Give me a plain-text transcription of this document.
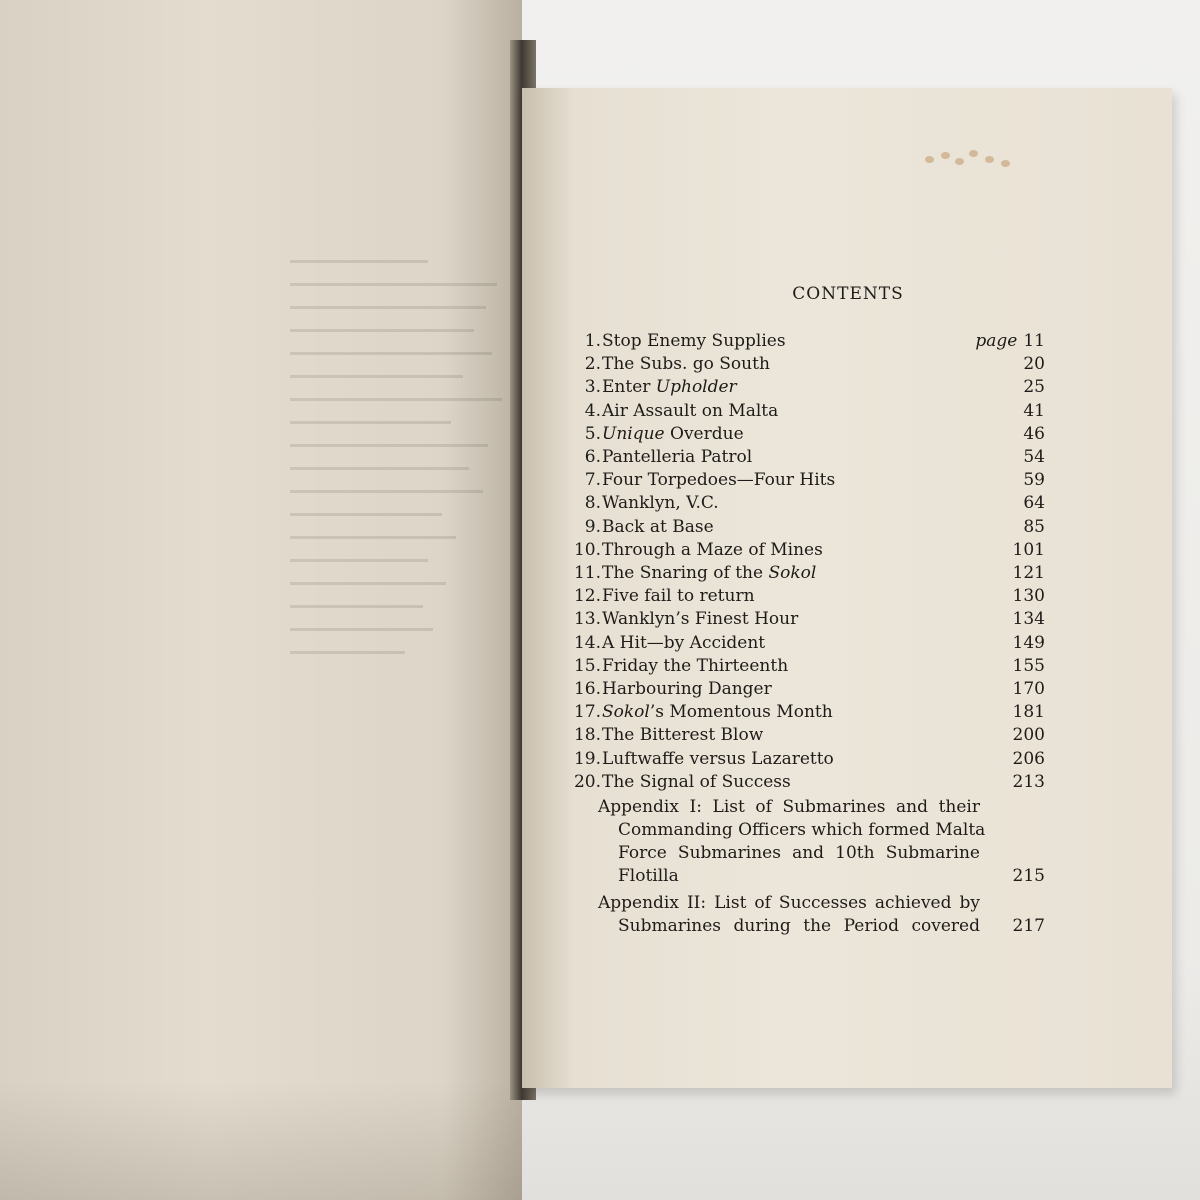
CONTENTS
1. Stop Enemy Supplies	page 11
2. The Subs. go South	20
3. Enter Upholder	25
4. Air Assault on Malta	41
5. Unique Overdue	46
6. Pantelleria Patrol	54
7. Four Torpedoes—Four Hits	59
8. Wanklyn, V.C.	64
9. Back at Base	85
10. Through a Maze of Mines	101
11. The Snaring of the Sokol	121
12. Five fail to return	130
13. Wanklyn’s Finest Hour	134
14. A Hit—by Accident	149
15. Friday the Thirteenth	155
16. Harbouring Danger	170
17. Sokol’s Momentous Month	181
18. The Bitterest Blow	200
19. Luftwaffe versus Lazaretto	206
20. The Signal of Success	213
Appendix I: List of Submarines and their
Commanding Officers which formed Malta
Force Submarines and 10th Submarine
Flotilla	215
Appendix II: List of Successes achieved by
Submarines during the Period covered 217
